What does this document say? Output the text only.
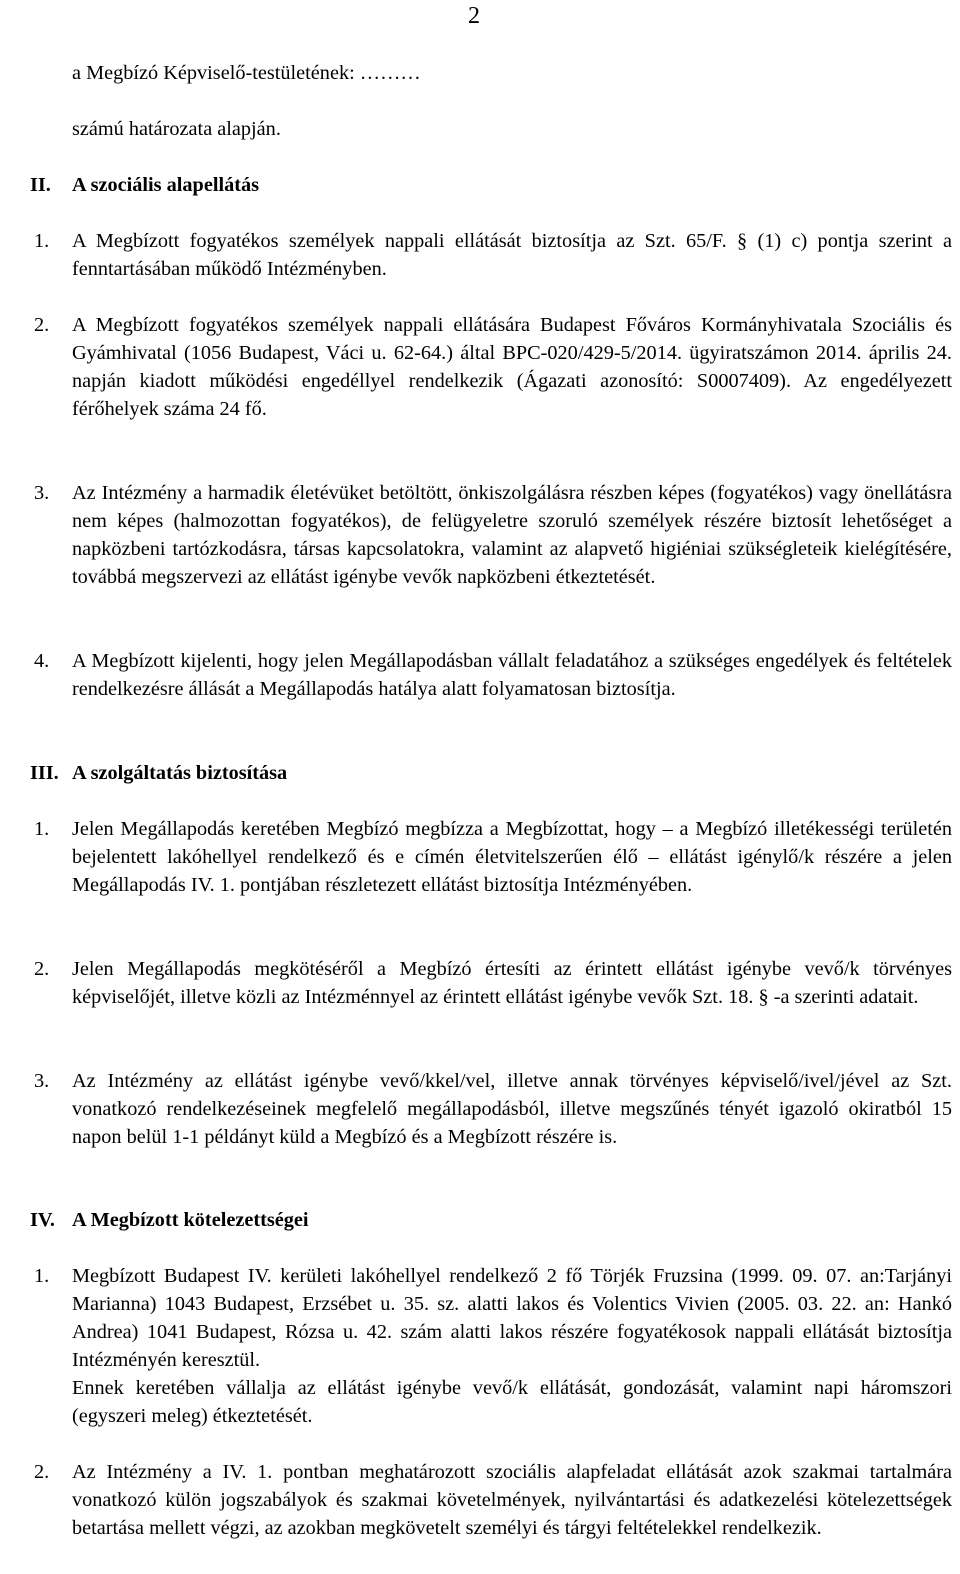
2
a Megbízó Képviselő-testületének: ………
számú határozata alapján.
II. A szociális alapellátás
1. A Megbízott fogyatékos személyek nappali ellátását biztosítja az Szt. 65/F. § (1) c) pontja szerint a fenntartásában működő Intézményben.
2. A Megbízott fogyatékos személyek nappali ellátására Budapest Főváros Kormányhivatala Szociális és Gyámhivatal (1056 Budapest, Váci u. 62-64.) által BPC-020/429-5/2014. ügyiratszámon 2014. április 24. napján kiadott működési engedéllyel rendelkezik (Ágazati azonosító: S0007409). Az engedélyezett férőhelyek száma 24 fő.
3. Az Intézmény a harmadik életévüket betöltött, önkiszolgálásra részben képes (fogyatékos) vagy önellátásra nem képes (halmozottan fogyatékos), de felügyeletre szoruló személyek részére biztosít lehetőséget a napközbeni tartózkodásra, társas kapcsolatokra, valamint az alapvető higiéniai szükségleteik kielégítésére, továbbá megszervezi az ellátást igénybe vevők napközbeni étkeztetését.
4. A Megbízott kijelenti, hogy jelen Megállapodásban vállalt feladatához a szükséges engedélyek és feltételek rendelkezésre állását a Megállapodás hatálya alatt folyamatosan biztosítja.
III. A szolgáltatás biztosítása
1. Jelen Megállapodás keretében Megbízó megbízza a Megbízottat, hogy – a Megbízó illetékességi területén bejelentett lakóhellyel rendelkező és e címén életvitelszerűen élő – ellátást igénylő/k részére a jelen Megállapodás IV. 1. pontjában részletezett ellátást biztosítja Intézményében.
2. Jelen Megállapodás megkötéséről a Megbízó értesíti az érintett ellátást igénybe vevő/k törvényes képviselőjét, illetve közli az Intézménnyel az érintett ellátást igénybe vevők Szt. 18. § -a szerinti adatait.
3. Az Intézmény az ellátást igénybe vevő/kkel/vel, illetve annak törvényes képviselő/ivel/jével az Szt. vonatkozó rendelkezéseinek megfelelő megállapodásból, illetve megszűnés tényét igazoló okiratból 15 napon belül 1-1 példányt küld a Megbízó és a Megbízott részére is.
IV. A Megbízott kötelezettségei
1. Megbízott Budapest IV. kerületi lakóhellyel rendelkező 2 fő Törjék Fruzsina (1999. 09. 07. an:Tarjányi Marianna) 1043 Budapest, Erzsébet u. 35. sz. alatti lakos és Volentics Vivien (2005. 03. 22. an: Hankó Andrea) 1041 Budapest, Rózsa u. 42. szám alatti lakos részére fogyatékosok nappali ellátását biztosítja Intézményén keresztül.
Ennek keretében vállalja az ellátást igénybe vevő/k ellátását, gondozását, valamint napi háromszori (egyszeri meleg) étkeztetését.
2. Az Intézmény a IV. 1. pontban meghatározott szociális alapfeladat ellátását azok szakmai tartalmára vonatkozó külön jogszabályok és szakmai követelmények, nyilvántartási és adatkezelési kötelezettségek betartása mellett végzi, az azokban megkövetelt személyi és tárgyi feltételekkel rendelkezik.
